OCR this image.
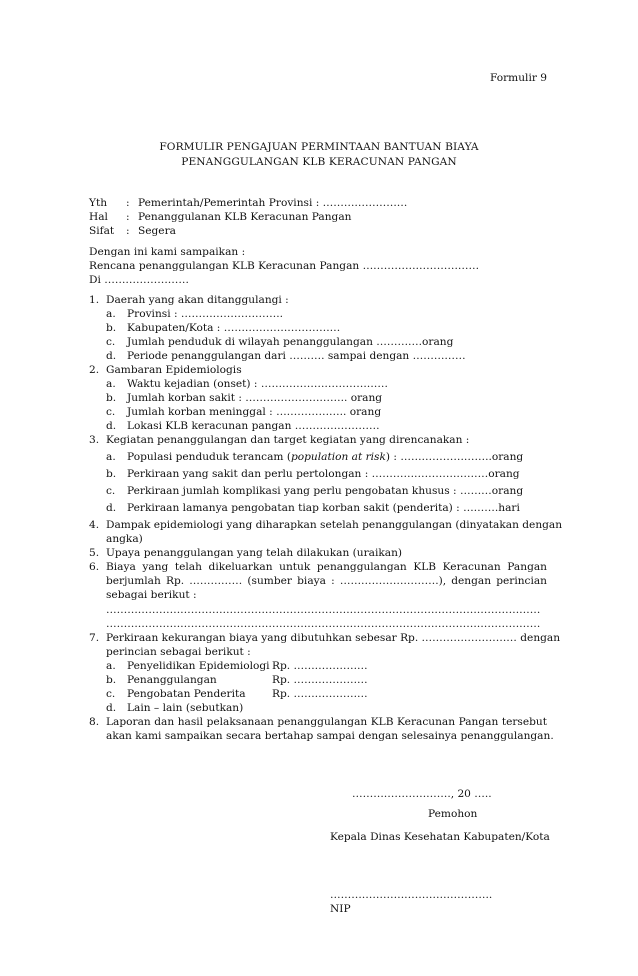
Formulir 9
FORMULIR PENGAJUAN PERMINTAAN BANTUAN BIAYA
PENANGGULANGAN KLB KERACUNAN PANGAN
Yth	: Pemerintah/Pemerintah Provinsi : ……………………
Hal	: Penanggulanan KLB Keracunan Pangan
Sifat	: Segera
Dengan ini kami sampaikan :
Rencana penanggulangan KLB Keracunan Pangan ……………………………
Di ……………………
1. Daerah yang akan ditanggulangi :
a. Provinsi : ………………………..
b. Kabupaten/Kota : ……………………………
c. Jumlah penduduk di wilayah penanggulangan ………….orang
d. Periode penanggulangan dari ………. sampai dengan ……………
2. Gambaran Epidemiologis
a. Waktu kejadian (onset) : ………………………………
b. Jumlah korban sakit : ……………………….. orang
c. Jumlah korban meninggal : ……………….. orang
d. Lokasi KLB keracunan pangan ……………………
3. Kegiatan penanggulangan dan target kegiatan yang direncanakan :
a. Populasi penduduk terancam (population at risk) : ……………………..orang
b. Perkiraan yang sakit dan perlu pertolongan : ……………………………orang
c. Perkiraan jumlah komplikasi yang perlu pengobatan khusus : ………orang
d. Perkiraan lamanya pengobatan tiap korban sakit (penderita) : ……….hari
4. Dampak epidemiologi yang diharapkan setelah penanggulangan (dinyatakan dengan
angka)
5. Upaya penanggulangan yang telah dilakukan (uraikan)
6. Biaya yang telah dikeluarkan untuk penanggulangan KLB Keracunan Pangan
berjumlah Rp. …………… (sumber biaya : ……………………….), dengan perincian
sebagai berikut :
……………………………………………………………………………………………………………
……………………………………………………………………………………………………………
7. Perkiraan kekurangan biaya yang dibutuhkan sebesar Rp. ……………………… dengan
perincian sebagai berikut :
a. Penyelidikan Epidemiologi Rp. …………………
b. Penanggulangan	Rp. …………………
c. Pengobatan Penderita Rp. …………………
d. Lain – lain (sebutkan)
8. Laporan dan hasil pelaksanaan penanggulangan KLB Keracunan Pangan tersebut
akan kami sampaikan secara bertahap sampai dengan selesainya penanggulangan.
………………………., 20 …..
Pemohon
Kepala Dinas Kesehatan Kabupaten/Kota
……………………………………….
NIP
